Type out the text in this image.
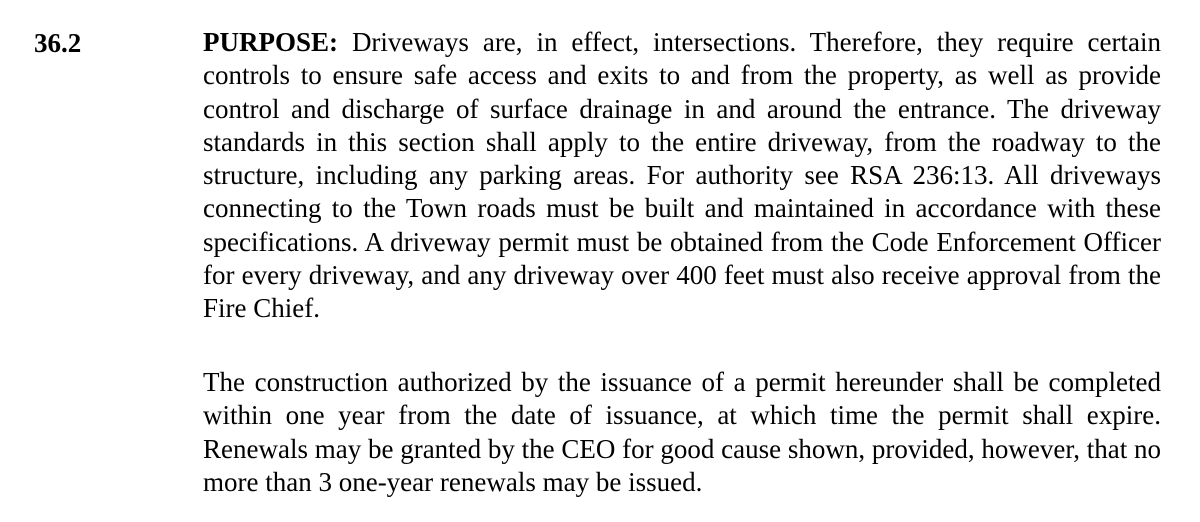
36.2	PURPOSE: Driveways are, in effect, intersections. Therefore, they require certain controls to ensure safe access and exits to and from the property, as well as provide control and discharge of surface drainage in and around the entrance. The driveway standards in this section shall apply to the entire driveway, from the roadway to the structure, including any parking areas. For authority see RSA 236:13. All driveways connecting to the Town roads must be built and maintained in accordance with these specifications. A driveway permit must be obtained from the Code Enforcement Officer for every driveway, and any driveway over 400 feet must also receive approval from the Fire Chief.

The construction authorized by the issuance of a permit hereunder shall be completed within one year from the date of issuance, at which time the permit shall expire. Renewals may be granted by the CEO for good cause shown, provided, however, that no more than 3 one-year renewals may be issued.
